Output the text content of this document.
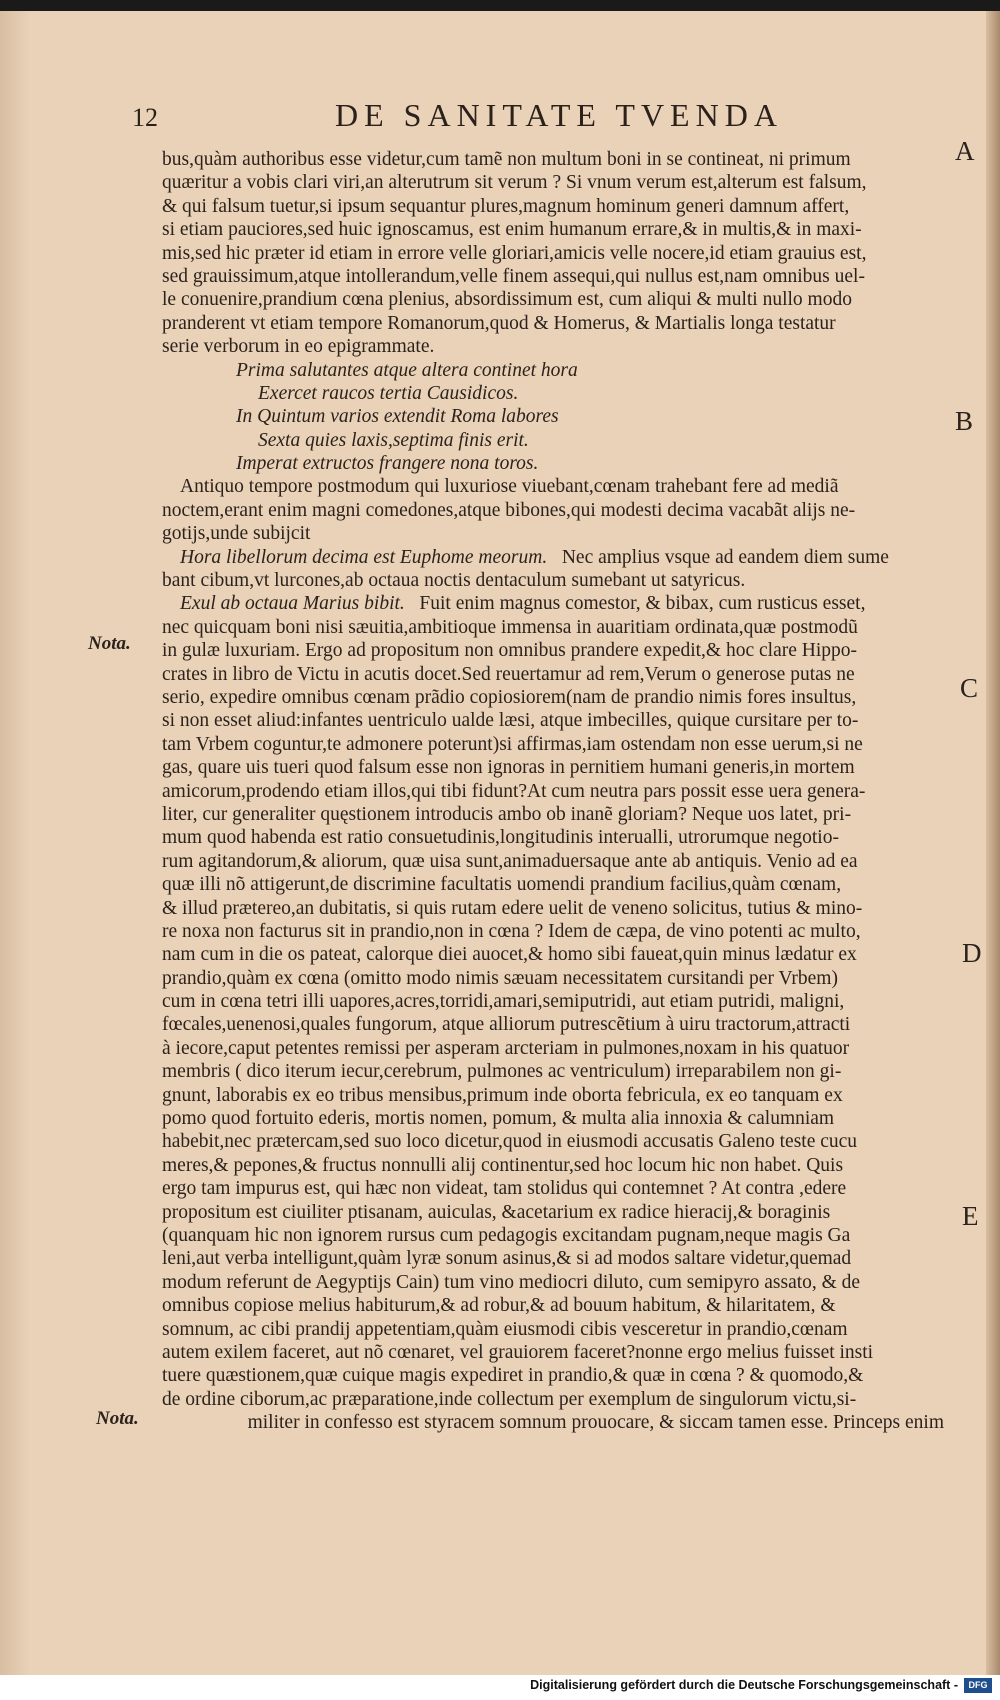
12	DE SANITATE TVENDA
bus,quàm authoribus esse videtur,cum tamẽ non multum boni in se contineat, ni primum
quæritur a vobis clari viri,an alterutrum sit verum ? Si vnum verum est,alterum est falsum,
& qui falsum tuetur,si ipsum sequantur plures,magnum hominum generi damnum affert,
si etiam pauciores,sed huic ignoscamus, est enim humanum errare,& in multis,& in maxi-
mis,sed hic præter id etiam in errore velle gloriari,amicis velle nocere,id etiam grauius est,
sed grauissimum,atque intollerandum,velle finem assequi,qui nullus est,nam omnibus uel-
le conuenire,prandium cœna plenius, absordissimum est, cum aliqui & multi nullo modo
pranderent vt etiam tempore Romanorum,quod & Homerus, & Martialis longa testatur
serie verborum in eo epigrammate.
Prima salutantes atque altera continet hora
Exercet raucos tertia Causidicos.
In Quintum varios extendit Roma labores
Sexta quies laxis,septima finis erit.
Imperat extructos frangere nona toros.
Antiquo tempore postmodum qui luxuriose viuebant,cœnam trahebant fere ad mediã
noctem,erant enim magni comedones,atque bibones,qui modesti decima vacabãt alijs ne-
gotijs,unde subijcit
Hora libellorum decima est Euphome meorum. Nec amplius vsque ad eandem diem sume
bant cibum,vt lurcones,ab octaua noctis dentaculum sumebant ut satyricus.
Exul ab octaua Marius bibit. Fuit enim magnus comestor, & bibax, cum rusticus esset,
nec quicquam boni nisi sæuitia,ambitioque immensa in auaritiam ordinata,quæ postmodũ
in gulæ luxuriam. Ergo ad propositum non omnibus prandere expedit,& hoc clare Hippo-
crates in libro de Victu in acutis docet.Sed reuertamur ad rem,Verum o generose putas ne
serio, expedire omnibus cœnam prãdio copiosiorem(nam de prandio nimis fores insultus,
si non esset aliud:infantes uentriculo ualde læsi, atque imbecilles, quique cursitare per to-
tam Vrbem coguntur,te admonere poterunt)si affirmas,iam ostendam non esse uerum,si ne
gas, quare uis tueri quod falsum esse non ignoras in pernitiem humani generis,in mortem
amicorum,prodendo etiam illos,qui tibi fidunt?At cum neutra pars possit esse uera genera-
liter, cur generaliter quęstionem introducis ambo ob inanẽ gloriam? Neque uos latet, pri-
mum quod habenda est ratio consuetudinis,longitudinis interualli, utrorumque negotio-
rum agitandorum,& aliorum, quæ uisa sunt,animaduersaque ante ab antiquis. Venio ad ea
quæ illi nõ attigerunt,de discrimine facultatis uomendi prandium facilius,quàm cœnam,
& illud prætereo,an dubitatis, si quis rutam edere uelit de veneno solicitus, tutius & mino-
re noxa non facturus sit in prandio,non in cœna ? Idem de cæpa, de vino potenti ac multo,
nam cum in die os pateat, calorque diei auocet,& homo sibi faueat,quin minus lædatur ex
prandio,quàm ex cœna (omitto modo nimis sæuam necessitatem cursitandi per Vrbem)
cum in cœna tetri illi uapores,acres,torridi,amari,semiputridi, aut etiam putridi, maligni,
fœcales,uenenosi,quales fungorum, atque alliorum putrescẽtium à uiru tractorum,attracti
à iecore,caput petentes remissi per asperam arcteriam in pulmones,noxam in his quatuor
membris ( dico iterum iecur,cerebrum, pulmones ac ventriculum) irreparabilem non gi-
gnunt, laborabis ex eo tribus mensibus,primum inde oborta febricula, ex eo tanquam ex
pomo quod fortuito ederis, mortis nomen, pomum, & multa alia innoxia & calumniam
habebit,nec prætercam,sed suo loco dicetur,quod in eiusmodi accusatis Galeno teste cucu
meres,& pepones,& fructus nonnulli alij continentur,sed hoc locum hic non habet. Quis
ergo tam impurus est, qui hæc non videat, tam stolidus qui contemnet ? At contra ,edere
propositum est ciuiliter ptisanam, auiculas, &acetarium ex radice hieracij,& boraginis
(quanquam hic non ignorem rursus cum pedagogis excitandam pugnam,neque magis Ga
leni,aut verba intelligunt,quàm lyræ sonum asinus,& si ad modos saltare videtur,quemad
modum referunt de Aegyptijs Cain) tum vino mediocri diluto, cum semipyro assato, & de
omnibus copiose melius habiturum,& ad robur,& ad bouum habitum, & hilaritatem, &
somnum, ac cibi prandij appetentiam,quàm eiusmodi cibis vesceretur in prandio,cœnam
autem exilem faceret, aut nõ cœnaret, vel grauiorem faceret?nonne ergo melius fuisset insti
tuere quæstionem,quæ cuique magis expediret in prandio,& quæ in cœna ? & quomodo,&
de ordine ciborum,ac præparatione,inde collectum per exemplum de singulorum victu,si-
militer in confesso est styracem somnum prouocare, & siccam tamen esse. Princeps enim
A
B
C
D
E
Nota.
Nota.
Digitalisierung gefördert durch die Deutsche Forschungsgemeinschaft -	DFG
